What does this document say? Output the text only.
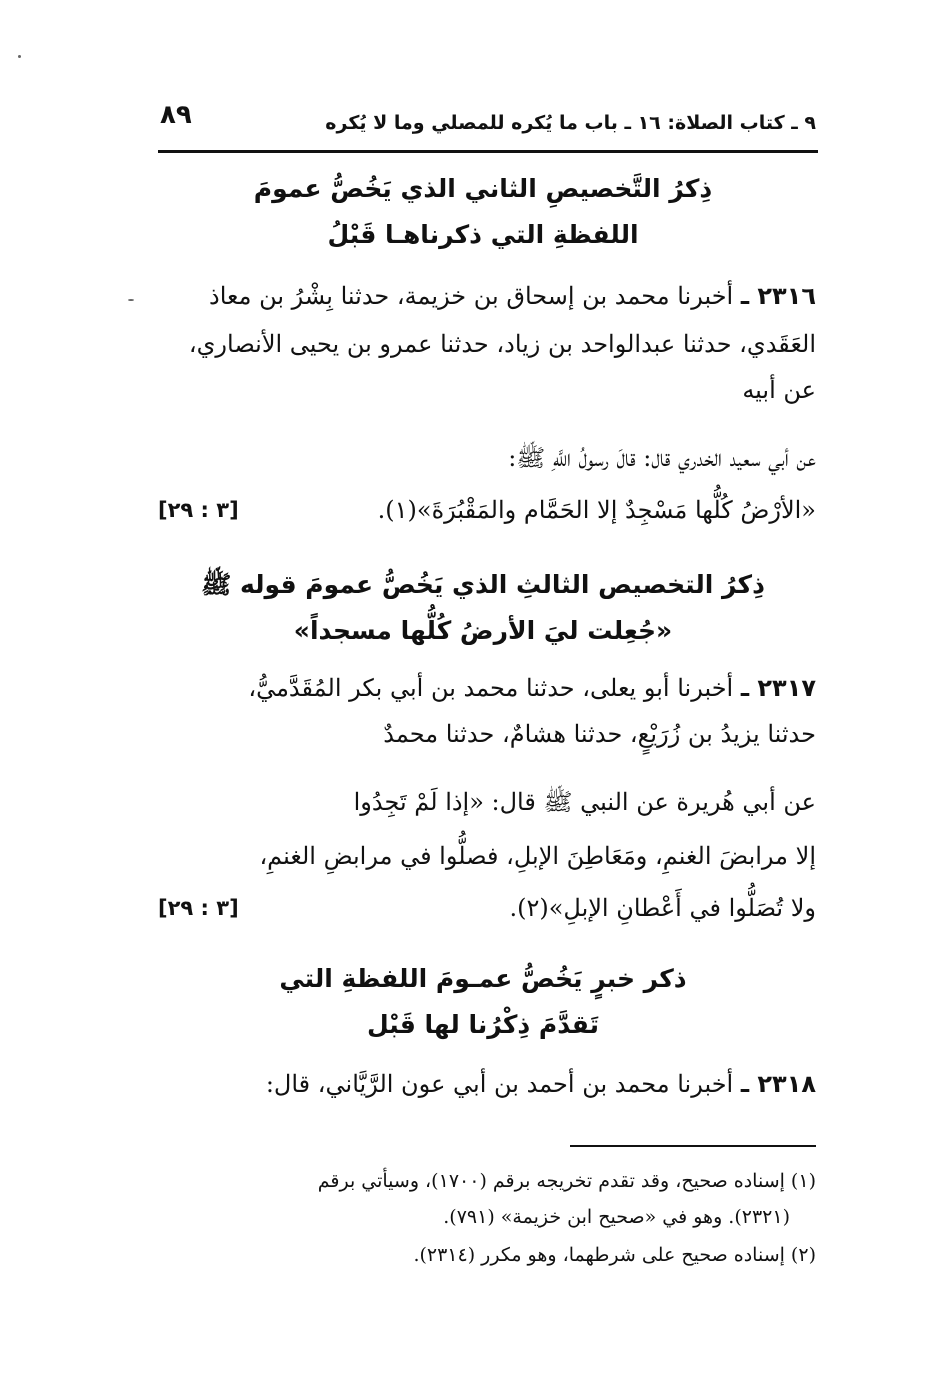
٨٩	٩ ـ كتاب الصلاة: ١٦ ـ باب ما يُكره للمصلي وما لا يُكره
ذِكرُ التَّخصيصِ الثاني الذي يَخُصُّ عمومَ
اللفظةِ التي ذكرناهـا قَبْلُ
٢٣١٦ ـ أخبرنا محمد بن إسحاق بن خزيمة، حدثنا بِشْرُ بن معاذ
العَقَدي، حدثنا عبدالواحد بن زياد، حدثنا عمرو بن يحيى الأنصاري،
عن أبيه
عن أبي سعيد الخدري قال: قالَ رسولُ اللَّهِ ﷺ:
«الأرْضُ كُلُّها مَسْجِدٌ إلا الحَمَّام والمَقْبُرَةَ»(١).
[٣ : ٢٩]
ذِكرُ التخصيص الثالثِ الذي يَخُصُّ عمومَ قوله ﷺ
«جُعِلت ليَ الأرضُ كُلُّها مسجداً»
٢٣١٧ ـ أخبرنا أبو يعلى، حدثنا محمد بن أبي بكر المُقَدَّميُّ،
حدثنا يزيدُ بن زُرَيْعٍ، حدثنا هشامٌ، حدثنا محمدٌ
عن أبي هُريرة عن النبي ﷺ قال: «إذا لَمْ تَجِدُوا
إلا مرابضَ الغنمِ، ومَعَاطِنَ الإبلِ، فصلُّوا في مرابضِ الغنمِ،
ولا تُصَلُّوا في أَعْطانِ الإبلِ»(٢).
[٣ : ٢٩]
ذكر خبرٍ يَخُصُّ عمـومَ اللفظةِ التي
تَقدَّمَ ذِكْرُنا لها قَبْل
٢٣١٨ ـ أخبرنا محمد بن أحمد بن أبي عون الرَّيَّاني، قال:
(١) إسناده صحيح، وقد تقدم تخريجه برقم (١٧٠٠)، وسيأتي برقم
(٢٣٢١). وهو في «صحيح ابن خزيمة» (٧٩١).
(٢) إسناده صحيح على شرطهما، وهو مكرر (٢٣١٤).
